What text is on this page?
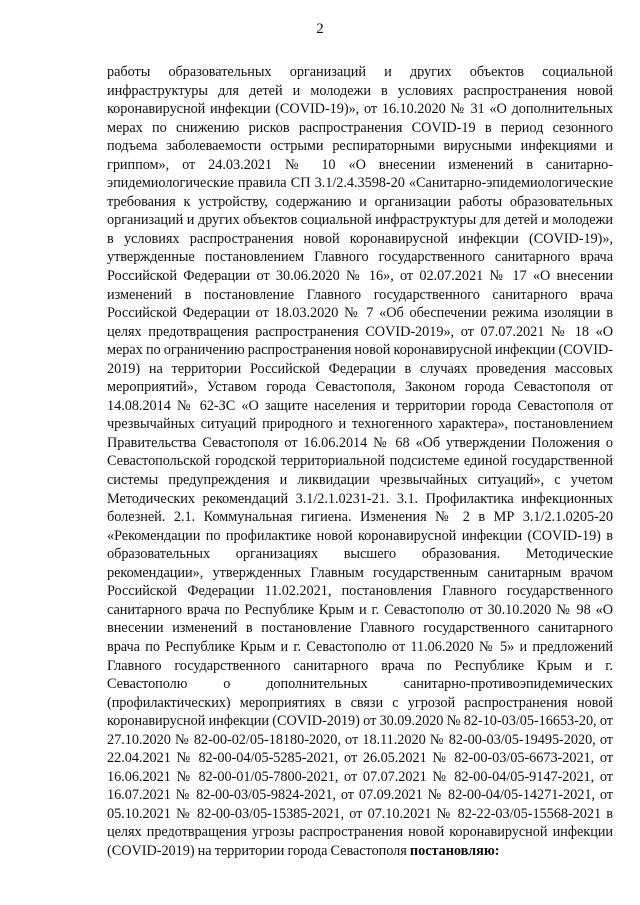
2

работы образовательных организаций и других объектов социальной инфраструктуры для детей и молодежи в условиях распространения новой коронавирусной инфекции (COVID-19)», от 16.10.2020 № 31 «О дополнительных мерах по снижению рисков распространения COVID-19 в период сезонного подъема заболеваемости острыми респираторными вирусными инфекциями и гриппом», от 24.03.2021 № 10 «О внесении изменений в санитарно-эпидемиологические правила СП 3.1/2.4.3598-20 «Санитарно-эпидемиологические требования к устройству, содержанию и организации работы образовательных организаций и других объектов социальной инфраструктуры для детей и молодежи в условиях распространения новой коронавирусной инфекции (COVID-19)», утвержденные постановлением Главного государственного санитарного врача Российской Федерации от 30.06.2020 № 16», от 02.07.2021 № 17 «О внесении изменений в постановление Главного государственного санитарного врача Российской Федерации от 18.03.2020 № 7 «Об обеспечении режима изоляции в целях предотвращения распространения COVID-2019», от 07.07.2021 № 18 «О мерах по ограничению распространения новой коронавирусной инфекции (COVID-2019) на территории Российской Федерации в случаях проведения массовых мероприятий», Уставом города Севастополя, Законом города Севастополя от 14.08.2014 № 62-ЗС «О защите населения и территории города Севастополя от чрезвычайных ситуаций природного и техногенного характера», постановлением Правительства Севастополя от 16.06.2014 № 68 «Об утверждении Положения о Севастопольской городской территориальной подсистеме единой государственной системы предупреждения и ликвидации чрезвычайных ситуаций», с учетом Методических рекомендаций 3.1/2.1.0231-21. 3.1. Профилактика инфекционных болезней. 2.1. Коммунальная гигиена. Изменения № 2 в МР 3.1/2.1.0205-20 «Рекомендации по профилактике новой коронавирусной инфекции (COVID-19) в образовательных организациях высшего образования. Методические рекомендации», утвержденных Главным государственным санитарным врачом Российской Федерации 11.02.2021, постановления Главного государственного санитарного врача по Республике Крым и г. Севастополю от 30.10.2020 № 98 «О внесении изменений в постановление Главного государственного санитарного врача по Республике Крым и г. Севастополю от 11.06.2020 № 5» и предложений Главного государственного санитарного врача по Республике Крым и г. Севастополю о дополнительных санитарно-противоэпидемических (профилактических) мероприятиях в связи с угрозой распространения новой коронавирусной инфекции (COVID-2019) от 30.09.2020 № 82-10-03/05-16653-20, от 27.10.2020 № 82-00-02/05-18180-2020, от 18.11.2020 № 82-00-03/05-19495-2020, от 22.04.2021 № 82-00-04/05-5285-2021, от 26.05.2021 № 82-00-03/05-6673-2021, от 16.06.2021 № 82-00-01/05-7800-2021, от 07.07.2021 № 82-00-04/05-9147-2021, от 16.07.2021 № 82-00-03/05-9824-2021, от 07.09.2021 № 82-00-04/05-14271-2021, от 05.10.2021 № 82-00-03/05-15385-2021, от 07.10.2021 № 82-22-03/05-15568-2021 в целях предотвращения угрозы распространения новой коронавирусной инфекции (COVID-2019) на территории города Севастополя постановляю:
